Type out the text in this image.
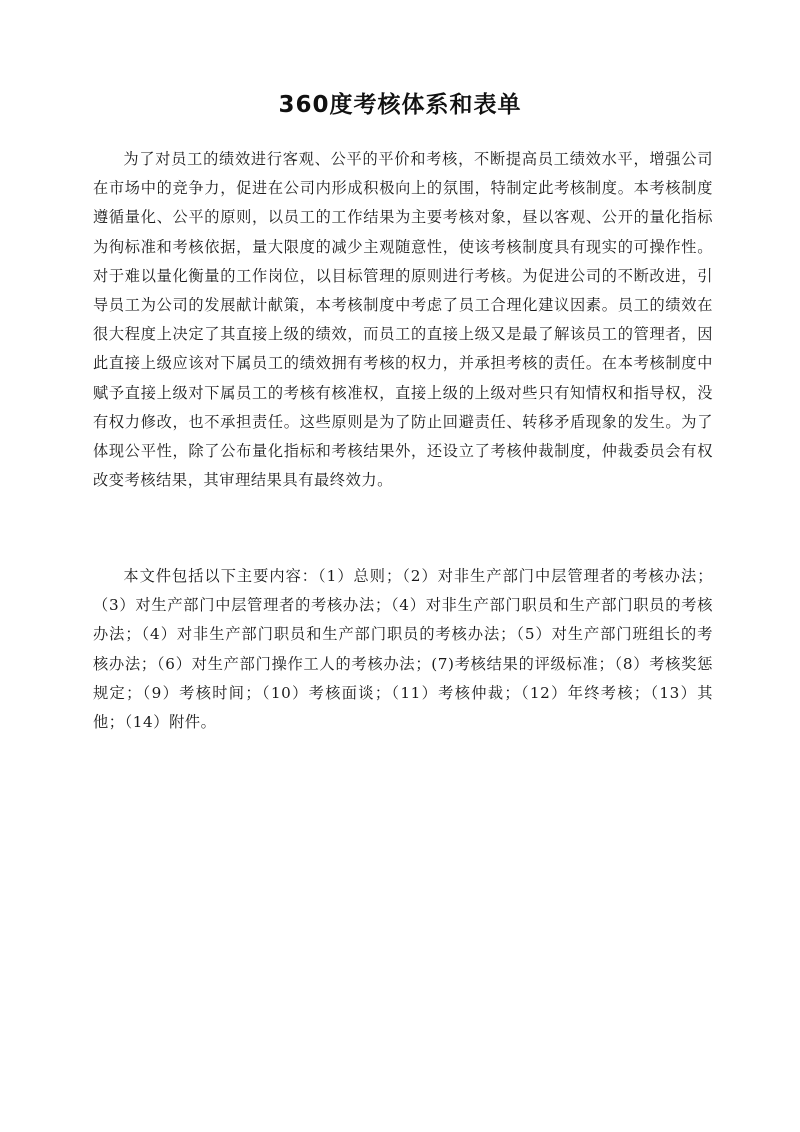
360度考核体系和表单

为了对员工的绩效进行客观、公平的平价和考核，不断提高员工绩效水平，增强公司在市场中的竞争力，促进在公司内形成积极向上的氛围，特制定此考核制度。本考核制度遵循量化、公平的原则，以员工的工作结果为主要考核对象，昼以客观、公开的量化指标为徇标准和考核依据，量大限度的减少主观随意性，使该考核制度具有现实的可操作性。对于难以量化衡量的工作岗位，以目标管理的原则进行考核。为促进公司的不断改进，引导员工为公司的发展献计献策，本考核制度中考虑了员工合理化建议因素。员工的绩效在很大程度上决定了其直接上级的绩效，而员工的直接上级又是最了解该员工的管理者，因此直接上级应该对下属员工的绩效拥有考核的权力，并承担考核的责任。在本考核制度中赋予直接上级对下属员工的考核有核准权，直接上级的上级对些只有知情权和指导权，没有权力修改，也不承担责任。这些原则是为了防止回避责任、转移矛盾现象的发生。为了体现公平性，除了公布量化指标和考核结果外，还设立了考核仲裁制度，仲裁委员会有权改变考核结果，其审理结果具有最终效力。

本文件包括以下主要内容：（1）总则；（2）对非生产部门中层管理者的考核办法；（3）对生产部门中层管理者的考核办法；（4）对非生产部门职员和生产部门职员的考核办法；（4）对非生产部门职员和生产部门职员的考核办法；（5）对生产部门班组长的考核办法；（6）对生产部门操作工人的考核办法；(7)考核结果的评级标准；（8）考核奖惩规定；（9）考核时间；（10）考核面谈；（11）考核仲裁；（12）年终考核；（13）其他；（14）附件。
